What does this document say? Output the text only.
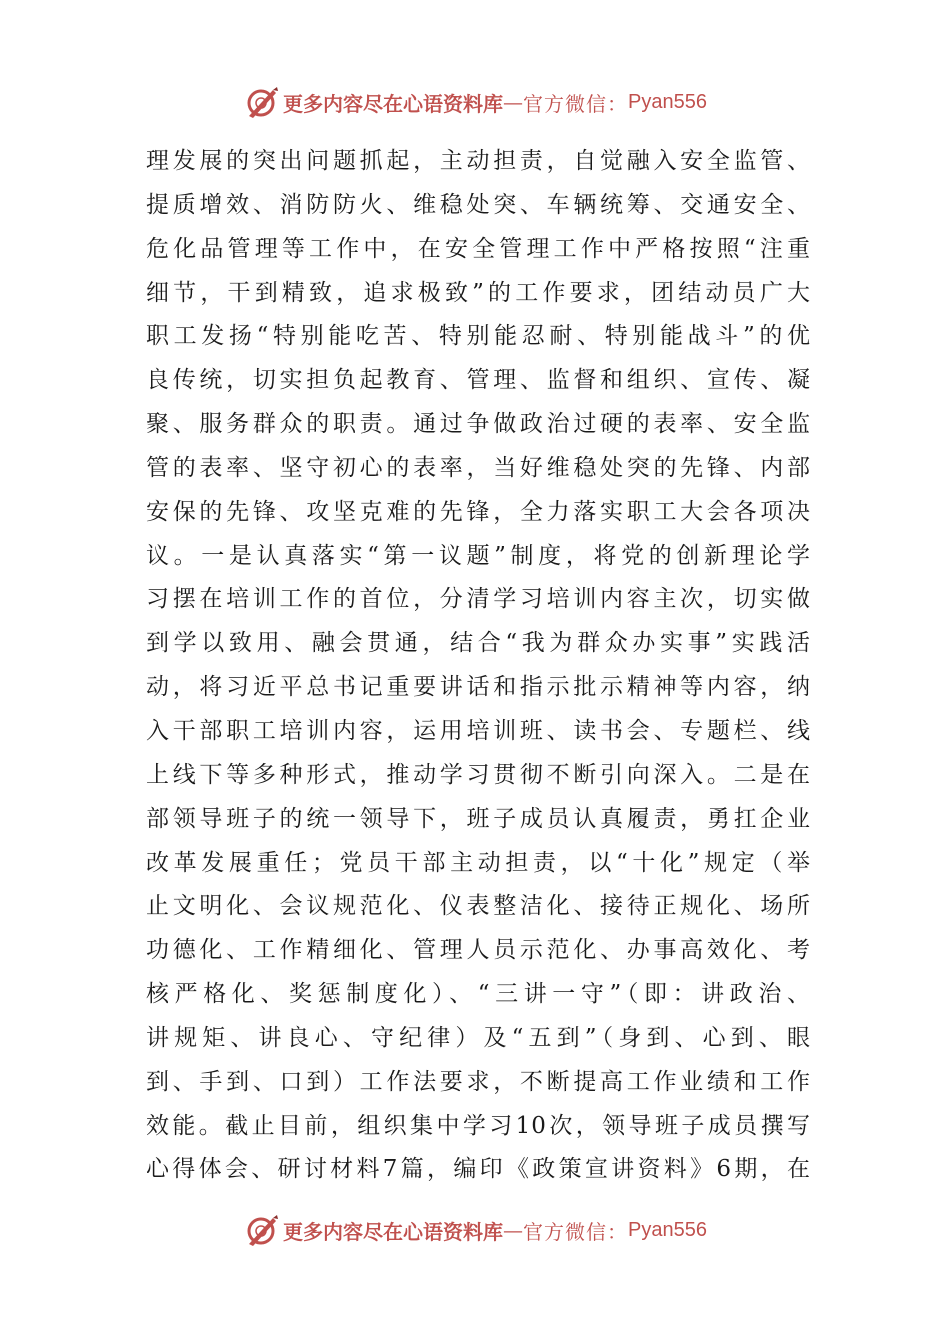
更多内容尽在心语资料库 — 官方微信： Pyan556
理发展的突出问题抓起，主动担责，自觉融入安全监管、
提质增效、消防防火、维稳处突、车辆统筹、交通安全、
危化品管理等工作中，在安全管理工作中严格按照“注重
细节，干到精致，追求极致”的工作要求，团结动员广大
职工发扬“特别能吃苦、特别能忍耐、特别能战斗”的优
良传统，切实担负起教育、管理、监督和组织、宣传、凝
聚、服务群众的职责。通过争做政治过硬的表率、安全监
管的表率、坚守初心的表率，当好维稳处突的先锋、内部
安保的先锋、攻坚克难的先锋，全力落实职工大会各项决
议。一是认真落实“第一议题”制度，将党的创新理论学
习摆在培训工作的首位，分清学习培训内容主次，切实做
到学以致用、融会贯通，结合“我为群众办实事”实践活
动，将习近平总书记重要讲话和指示批示精神等内容，纳
入干部职工培训内容，运用培训班、读书会、专题栏、线
上线下等多种形式，推动学习贯彻不断引向深入。二是在
部领导班子的统一领导下，班子成员认真履责，勇扛企业
改革发展重任；党员干部主动担责，以“十化”规定（举
止文明化、会议规范化、仪表整洁化、接待正规化、场所
功德化、工作精细化、管理人员示范化、办事高效化、考
核严格化、奖惩制度化）、“三讲一守”（即：讲政治、
讲规矩、讲良心、守纪律）及“五到”（身到、心到、眼
到、手到、口到）工作法要求，不断提高工作业绩和工作
效能。截止目前，组织集中学习10次，领导班子成员撰写
心得体会、研讨材料7篇，编印《政策宣讲资料》6期，在
更多内容尽在心语资料库 — 官方微信： Pyan556
